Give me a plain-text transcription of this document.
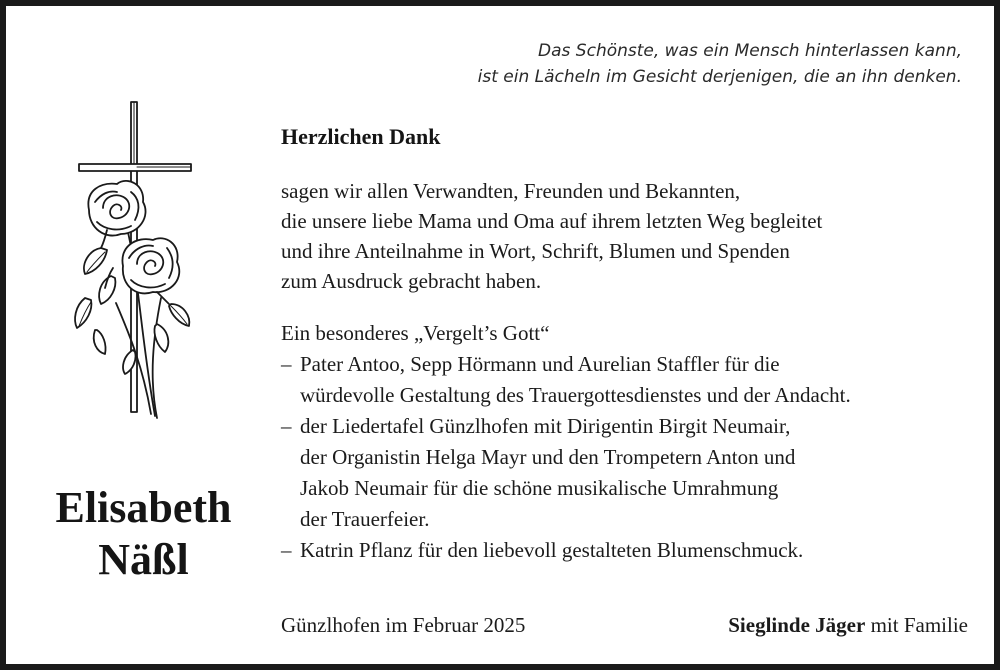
Das Schönste, was ein Mensch hinterlassen kann,
ist ein Lächeln im Gesicht derjenigen, die an ihn denken.
Elisabeth
Näßl
Herzlichen Dank
sagen wir allen Verwandten, Freunden und Bekannten,
die unsere liebe Mama und Oma auf ihrem letzten Weg begleitet
und ihre Anteilnahme in Wort, Schrift, Blumen und Spenden
zum Ausdruck gebracht haben.
Ein besonderes „Vergelt’s Gott“
– Pater Antoo, Sepp Hörmann und Aurelian Staffler für die
würdevolle Gestaltung des Trauergottesdienstes und der Andacht.
– der Liedertafel Günzlhofen mit Dirigentin Birgit Neumair,
der Organistin Helga Mayr und den Trompetern Anton und
Jakob Neumair für die schöne musikalische Umrahmung
der Trauerfeier.
– Katrin Pflanz für den liebevoll gestalteten Blumenschmuck.
Günzlhofen im Februar 2025	Sieglinde Jäger mit Familie
